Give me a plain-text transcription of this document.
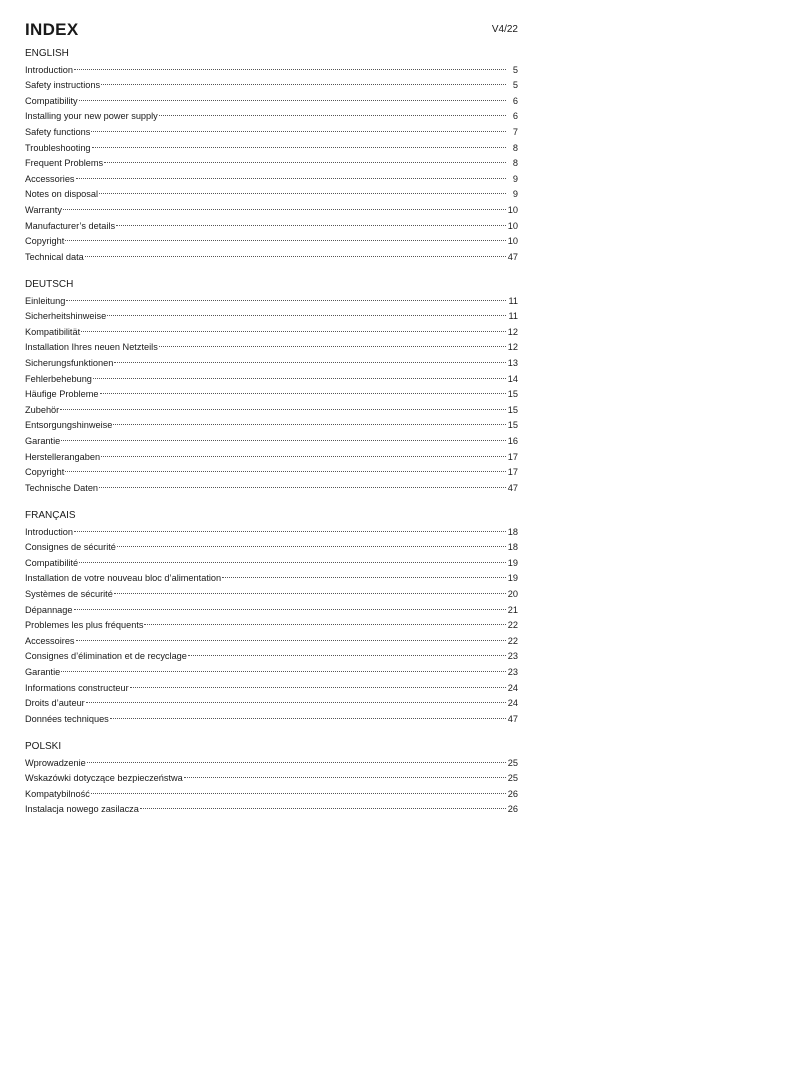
INDEX	V4/22
ENGLISH
Introduction	5
Safety instructions	5
Compatibility	6
Installing your new power supply	6
Safety functions	7
Troubleshooting	8
Frequent Problems	8
Accessories	9
Notes on disposal	9
Warranty	10
Manufacturer’s details	10
Copyright	10
Technical data	47
DEUTSCH
Einleitung	11
Sicherheitshinweise	11
Kompatibilität	12
Installation Ihres neuen Netzteils	12
Sicherungsfunktionen	13
Fehlerbehebung	14
Häufige Probleme	15
Zubehör	15
Entsorgungshinweise	15
Garantie	16
Herstellerangaben	17
Copyright	17
Technische Daten	47
FRANÇAIS
Introduction	18
Consignes de sécurité	18
Compatibilité	19
Installation de votre nouveau bloc d’alimentation	19
Systèmes de sécurité	20
Dépannage	21
Problemes les plus fréquents	22
Accessoires	22
Consignes d’élimination et de recyclage	23
Garantie	23
Informations constructeur	24
Droits d’auteur	24
Données techniques	47
POLSKI
Wprowadzenie	25
Wskazówki dotyczące bezpieczeństwa	25
Kompatybilność	26
Instalacja nowego zasilacza	26
